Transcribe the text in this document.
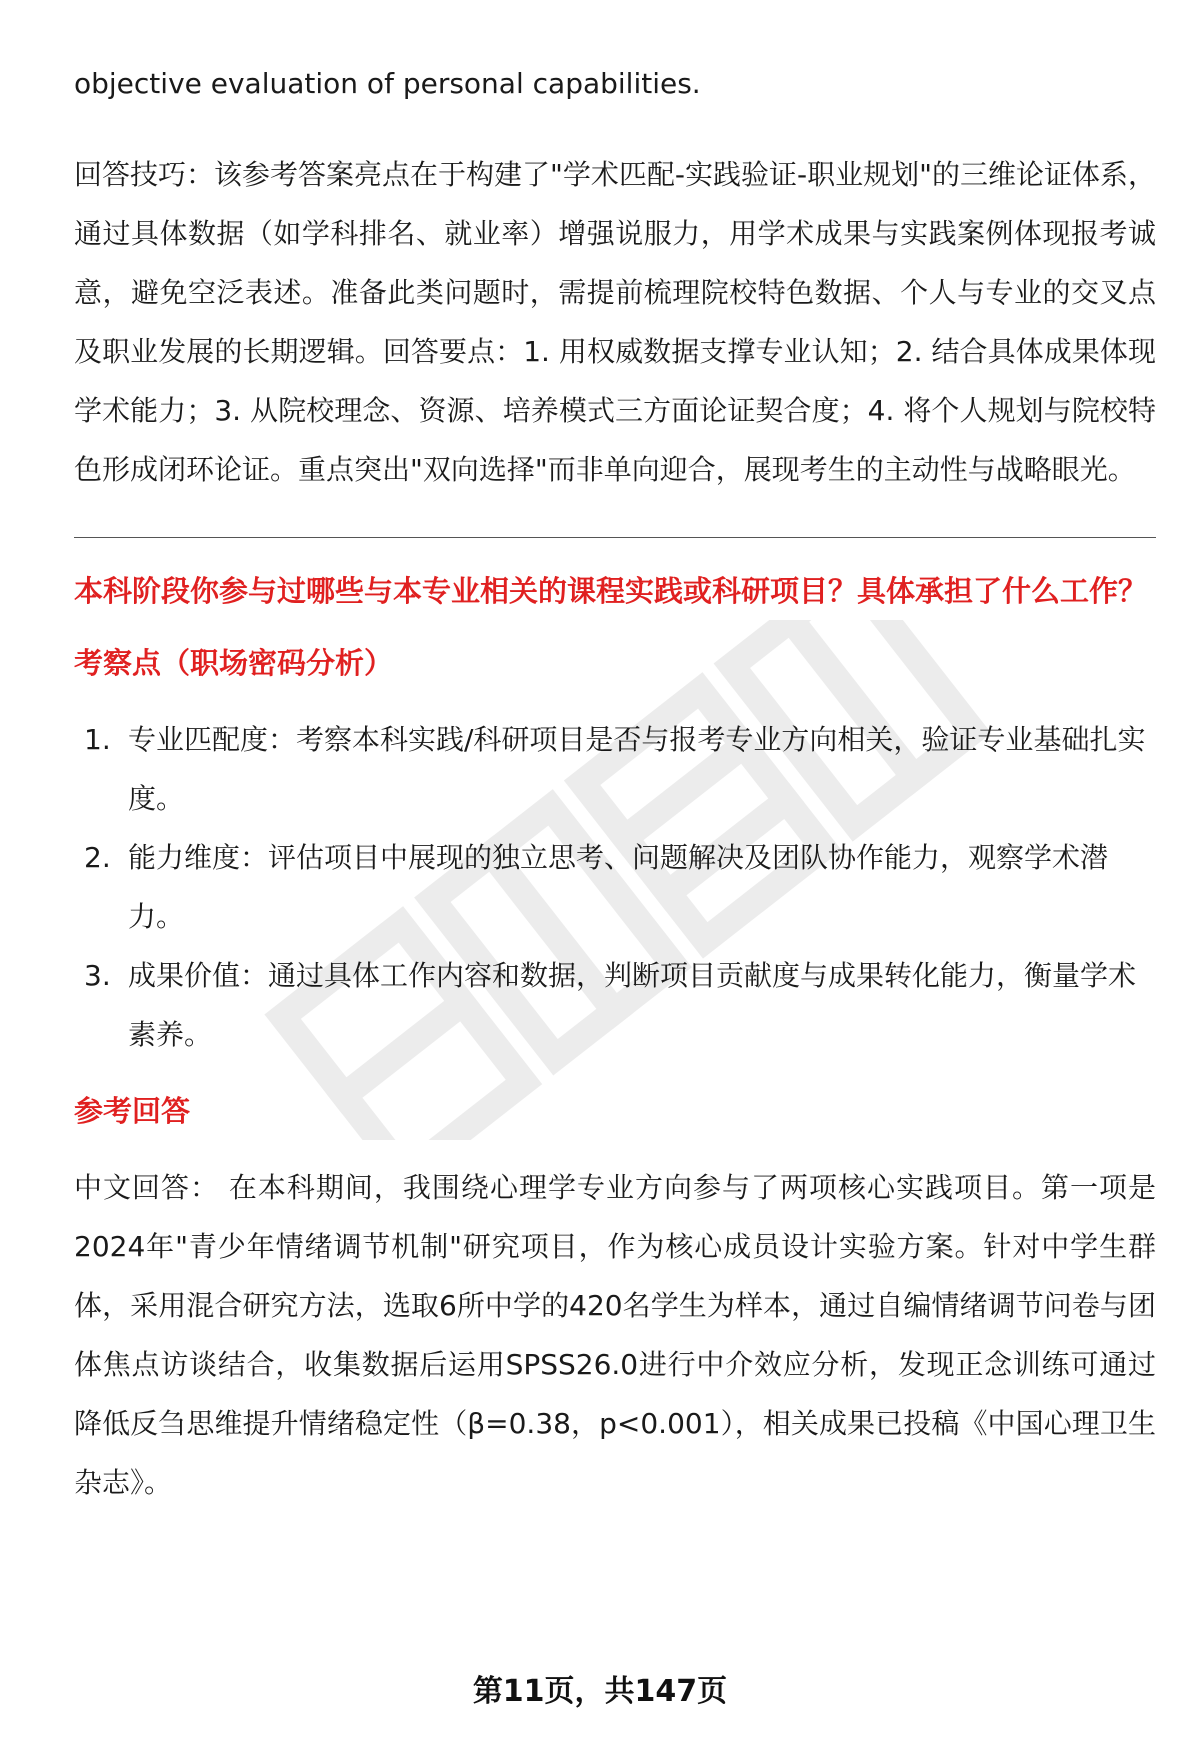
objective evaluation of personal capabilities.

回答技巧：该参考答案亮点在于构建了"学术匹配-实践验证-职业规划"的三维论证体系，通过具体数据（如学科排名、就业率）增强说服力，用学术成果与实践案例体现报考诚意，避免空泛表述。准备此类问题时，需提前梳理院校特色数据、个人与专业的交叉点及职业发展的长期逻辑。回答要点：1. 用权威数据支撑专业认知；2. 结合具体成果体现学术能力；3. 从院校理念、资源、培养模式三方面论证契合度；4. 将个人规划与院校特色形成闭环论证。重点突出"双向选择"而非单向迎合，展现考生的主动性与战略眼光。

本科阶段你参与过哪些与本专业相关的课程实践或科研项目？具体承担了什么工作？
考察点（职场密码分析）
1. 专业匹配度：考察本科实践/科研项目是否与报考专业方向相关，验证专业基础扎实度。
2. 能力维度：评估项目中展现的独立思考、问题解决及团队协作能力，观察学术潜力。
3. 成果价值：通过具体工作内容和数据，判断项目贡献度与成果转化能力，衡量学术素养。
参考回答

中文回答： 在本科期间，我围绕心理学专业方向参与了两项核心实践项目。第一项是2024年"青少年情绪调节机制"研究项目，作为核心成员设计实验方案。针对中学生群体，采用混合研究方法，选取6所中学的420名学生为样本，通过自编情绪调节问卷与团体焦点访谈结合，收集数据后运用SPSS26.0进行中介效应分析，发现正念训练可通过降低反刍思维提升情绪稳定性（β=0.38，p<0.001），相关成果已投稿《中国心理卫生杂志》。

第11页，共147页
